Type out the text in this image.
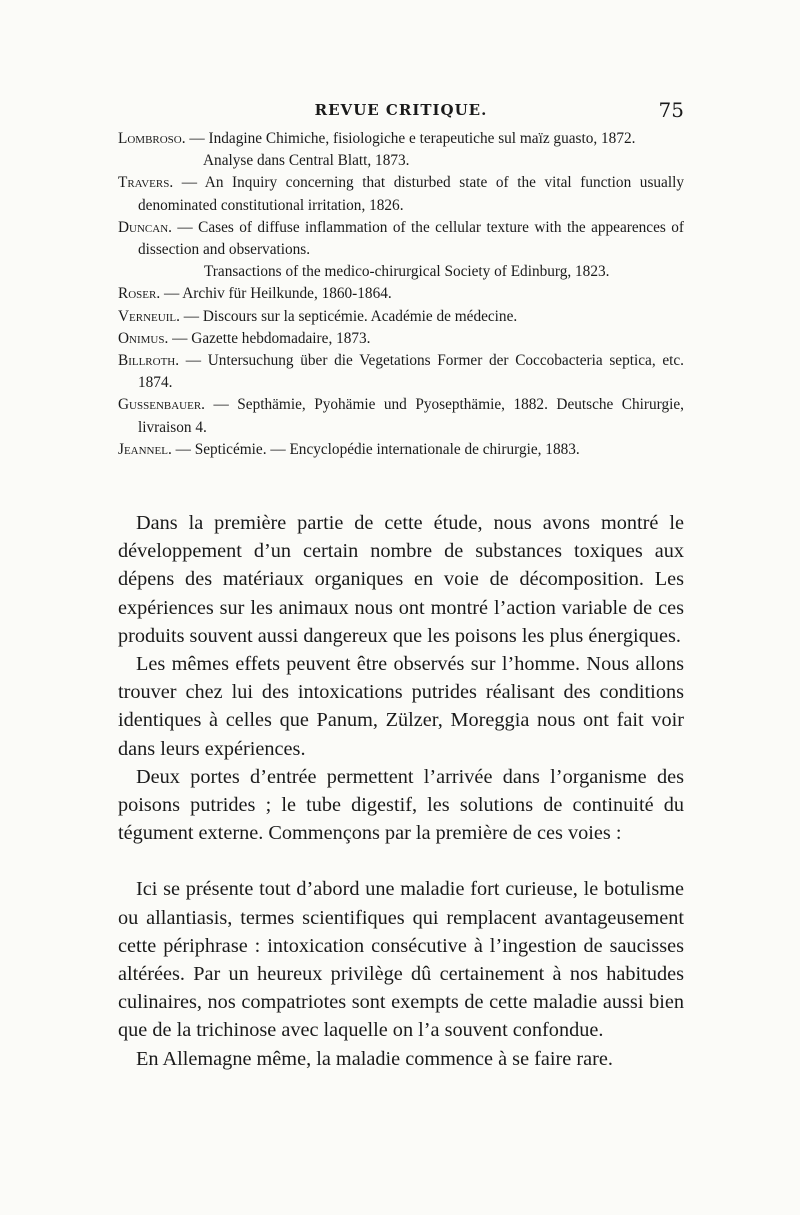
REVUE CRITIQUE.	75
Lombroso. — Indagine Chimiche, fisiologiche e terapeutiche sul maïz guasto, 1872.
Analyse dans Central Blatt, 1873.
Travers. — An Inquiry concerning that disturbed state of the vital function usually denominated constitutional irritation, 1826.
Duncan. — Cases of diffuse inflammation of the cellular texture with the appearences of dissection and observations.
Transactions of the medico-chirurgical Society of Edinburg, 1823.
Roser. — Archiv für Heilkunde, 1860-1864.
Verneuil. — Discours sur la septicémie. Académie de médecine.
Onimus. — Gazette hebdomadaire, 1873.
Billroth. — Untersuchung über die Vegetations Former der Coccobacteria septica, etc. 1874.
Gussenbauer. — Septhämie, Pyohämie und Pyosepthämie, 1882. Deutsche Chirurgie, livraison 4.
Jeannel. — Septicémie. — Encyclopédie internationale de chirurgie, 1883.

Dans la première partie de cette étude, nous avons montré le développement d’un certain nombre de substances toxiques aux dépens des matériaux organiques en voie de décomposition. Les expériences sur les animaux nous ont montré l’action variable de ces produits souvent aussi dangereux que les poisons les plus énergiques.

Les mêmes effets peuvent être observés sur l’homme. Nous allons trouver chez lui des intoxications putrides réalisant des conditions identiques à celles que Panum, Zülzer, Moreggia nous ont fait voir dans leurs expériences.

Deux portes d’entrée permettent l’arrivée dans l’organisme des poisons putrides ; le tube digestif, les solutions de continuité du tégument externe. Commençons par la première de ces voies :

Ici se présente tout d’abord une maladie fort curieuse, le botulisme ou allantiasis, termes scientifiques qui remplacent avantageusement cette périphrase : intoxication consécutive à l’ingestion de saucisses altérées. Par un heureux privilège dû certainement à nos habitudes culinaires, nos compatriotes sont exempts de cette maladie aussi bien que de la trichinose avec laquelle on l’a souvent confondue.

En Allemagne même, la maladie commence à se faire rare.
